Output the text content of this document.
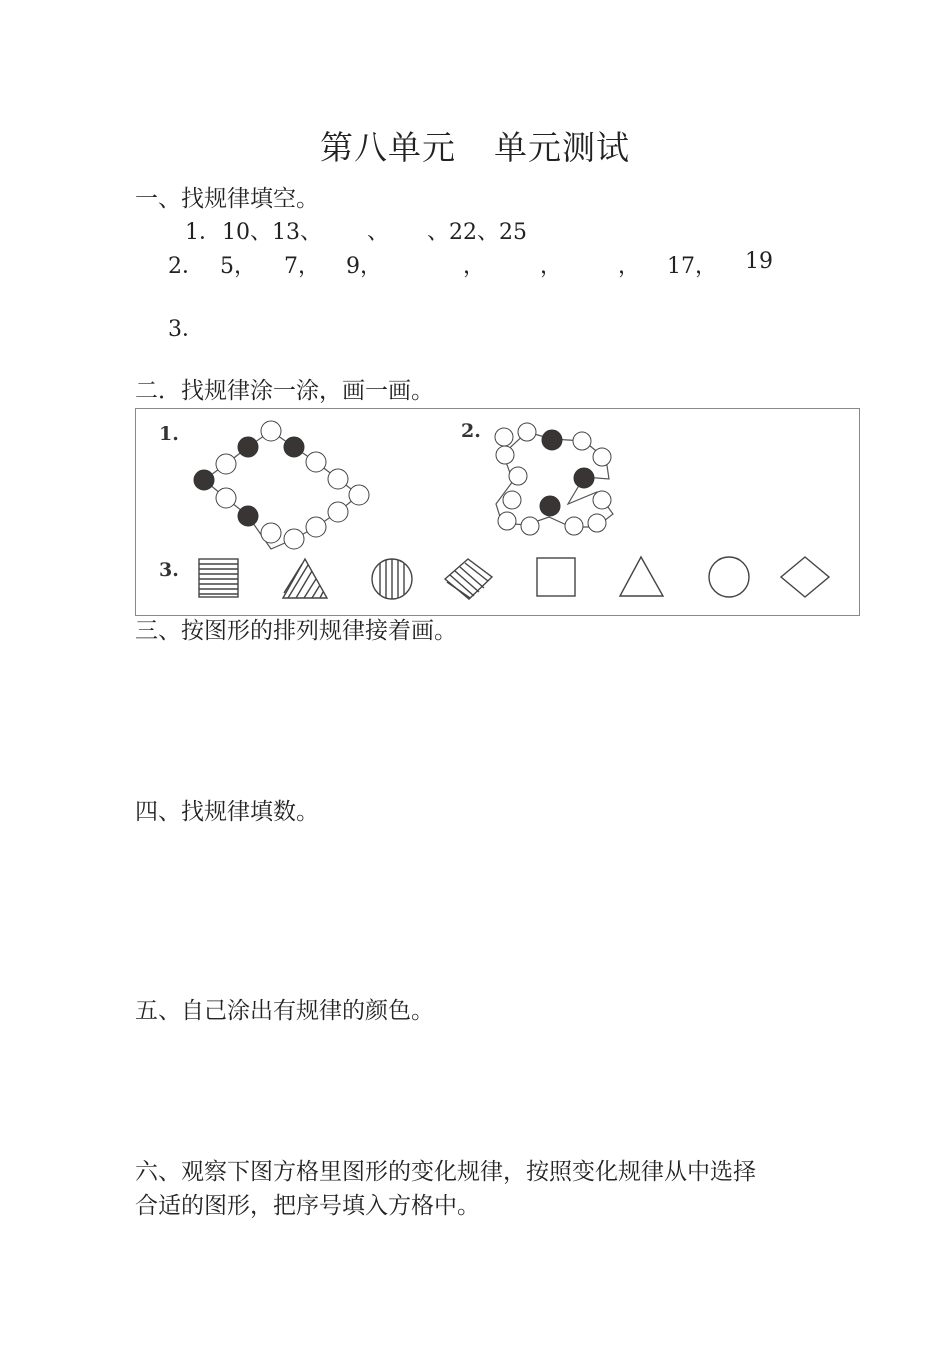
第八单元 单元测试
一、找规律填空。
1． 10、13、 、 、22、25
2． 5， 7， 9，	， ，	， 17， 19
3．
二．找规律涂一涂，画一画。
1.	2.
3.
三、按图形的排列规律接着画。
四、找规律填数。
五、自己涂出有规律的颜色。
六、观察下图方格里图形的变化规律，按照变化规律从中选择
合适的图形，把序号填入方格中。
